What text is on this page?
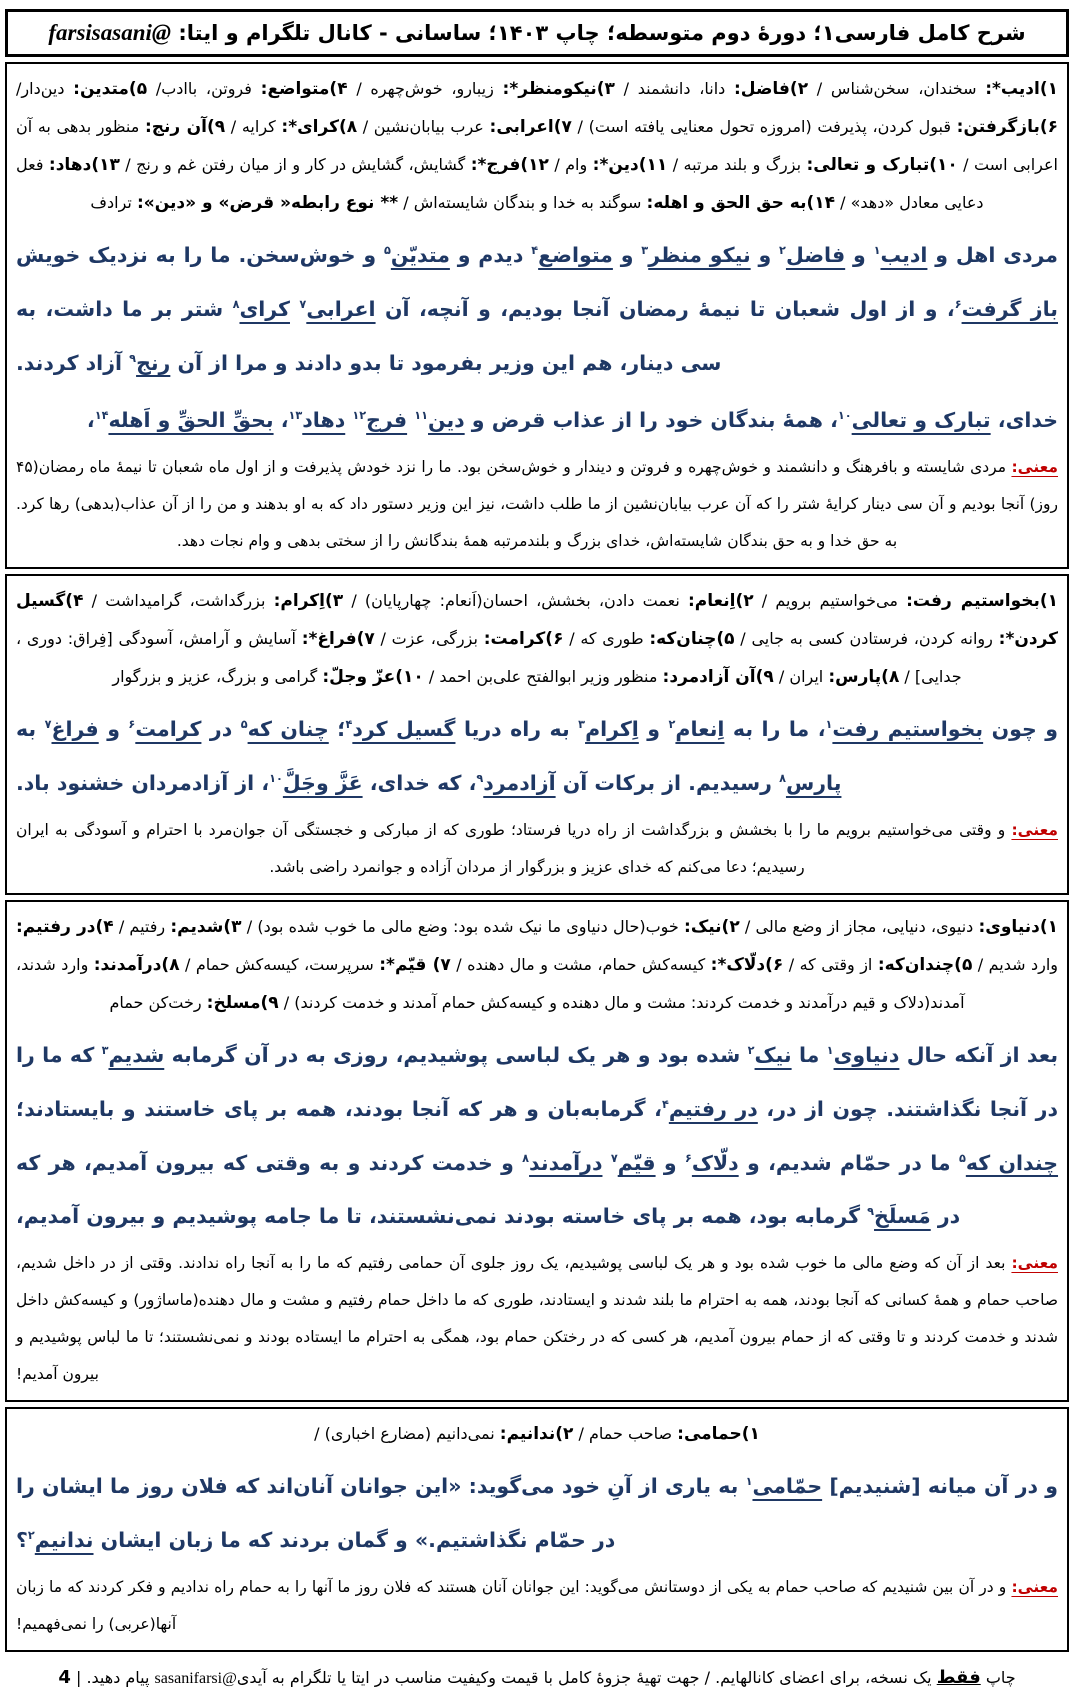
شرح کامل فارسی۱؛ دورهٔ دوم متوسطه؛ چاپ ۱۴۰۳؛ ساسانی - کانال تلگرام و ایتا: @farsisasani

۱)ادیب*: سخندان، سخن‌شناس / ۲)فاضل: دانا، دانشمند / ۳)نیکومنظر*: زیبارو، خوش‌چهره / ۴)متواضع: فروتن، باادب/ ۵)متدین: دین‌دار/ ۶)بازگرفتن: قبول کردن، پذیرفت (امروزه تحول معنایی یافته است) / ۷)اعرابی: عرب بیابان‌نشین / ۸)کرای*: کرایه / ۹)آن رنج: منظور بدهی به آن اعرابی است / ۱۰)تبارک و تعالی: بزرگ و بلند مرتبه / ۱۱)دین*: وام / ۱۲)فرج*: گشایش، گشایش در کار و از میان رفتن غم و رنج / ۱۳)دهاد: فعل دعایی معادل «دهد» / ۱۴)به حق الحق و اهله: سوگند به خدا و بندگان شایسته‌اش / ** نوع رابطه« قرض» و «دین»: ترادف

مردی اهل و ادیب$^۱$ و فاضل$^۲$ و نیکو منظر$^۳$ و متواضع$^۴$ دیدم و متدیّن$^۵$ و خوش‌سخن. ما را به نزدیک خویش باز گرفت$^۶$، و از اول شعبان تا نیمهٔ رمضان آنجا بودیم، و آنچه، آن اعرابی$^۷$ کرای$^۸$ شتر بر ما داشت، به سی دینار، هم این وزیر بفرمود تا بدو دادند و مرا از آن رنج$^۹$ آزاد کردند.

خدای، تبارک و تعالی$^{۱۰}$، همهٔ بندگان خود را از عذاب قرض و دین$^{۱۱}$ فرج$^{۱۲}$ دهاد$^{۱۳}$، بحقِّ الحقِّ و اَهله$^{۱۴}$،

معنی: مردی شایسته و بافرهنگ و دانشمند و خوش‌چهره و فروتن و دیندار و خوش‌سخن بود. ما را نزد خودش پذیرفت و از اول ماه شعبان تا نیمهٔ ماه رمضان(۴۵ روز) آنجا بودیم و آن سی دینار کرایهٔ شتر را که آن عرب بیابان‌نشین از ما طلب داشت، نیز این وزیر دستور داد که به او بدهند و من را از آن عذاب(بدهی) رها کرد. به حق خدا و به حق بندگان شایسته‌اش، خدای بزرگ و بلندمرتبه همهٔ بندگانش را از سختی بدهی و وام نجات دهد.

۱)بخواستیم رفت: می‌خواستیم برویم / ۲)اِنعام: نعمت دادن، بخشش، احسان(اَنعام: چهارپایان) / ۳)اِکرام: بزرگداشت، گرامیداشت / ۴)گسیل کردن*: روانه کردن، فرستادن کسی به جایی / ۵)چنان‌که: طوری که / ۶)کرامت: بزرگی، عزت / ۷)فراغ*: آسایش و آرامش، آسودگی [فِراق: دوری ، جدایی] / ۸)پارس: ایران / ۹)آن آزادمرد: منظور وزیر ابوالفتح علی‌بن احمد / ۱۰)عزّ وجلّ: گرامی و بزرگ، عزیز و بزرگوار

و چون بخواستیم رفت$^۱$، ما را به اِنعام$^۲$ و اِکرام$^۳$ به راه دریا گسیل کرد$^۴$؛ چنان که$^۵$ در کرامت$^۶$ و فراغ$^۷$ به پارس$^۸$ رسیدیم. از برکات آن آزادمرد$^۹$، که خدای، عَزَّ وجَلَّ$^{۱۰}$، از آزادمردان خشنود باد.

معنی: و وقتی می‌خواستیم برویم ما را با بخشش و بزرگداشت از راه دریا فرستاد؛ طوری که از مبارکی و خجستگی آن جوان‌مرد با احترام و آسودگی به ایران رسیدیم؛ دعا می‌کنم که خدای عزیز و بزرگوار از مردان آزاده و جوانمرد راضی باشد.

۱)دنیاوی: دنیوی، دنیایی، مجاز از وضع مالی / ۲)نیک: خوب(حال دنیاوی ما نیک شده بود: وضع مالی ما خوب شده بود) / ۳)شدیم: رفتیم / ۴)در رفتیم: وارد شدیم / ۵)چندان‌که: از وقتی که / ۶)دلّاک*: کیسه‌کش حمام، مشت و مال دهنده / ۷) قیّم*: سرپرست، کیسه‌کش حمام / ۸)درآمدند: وارد شدند، آمدند(دلاک و قیم درآمدند و خدمت کردند: مشت و مال دهنده و کیسه‌کش حمام آمدند و خدمت کردند) / ۹)مسلخ: رخت‌کن حمام

بعد از آنکه حال دنیاوی$^۱$ ما نیک$^۲$ شده بود و هر یک لباسی پوشیدیم، روزی به در آن گرمابه شدیم$^۳$ که ما را در آنجا نگذاشتند. چون از در، در رفتیم$^۴$، گرمابه‌بان و هر که آنجا بودند، همه بر پای خاستند و بایستادند؛ چندان که$^۵$ ما در حمّام شدیم، و دلّاک$^۶$ و قیّم$^۷$ درآمدند$^۸$ و خدمت کردند و به وقتی که بیرون آمدیم، هر که در مَسلَخ$^۹$ گرمابه بود، همه بر پای خاسته بودند نمی‌نشستند، تا ما جامه پوشیدیم و بیرون آمدیم،

معنی: بعد از آن که وضع مالی ما خوب شده بود و هر یک لباسی پوشیدیم، یک روز جلوی آن حمامی رفتیم که ما را به آنجا راه ندادند. وقتی از در داخل شدیم، صاحب حمام و همهٔ کسانی که آنجا بودند، همه به احترام ما بلند شدند و ایستادند، طوری که ما داخل حمام رفتیم و مشت و مال دهنده(ماساژور) و کیسه‌کش داخل شدند و خدمت کردند و تا وقتی که از حمام بیرون آمدیم، هر کسی که در رختکن حمام بود، همگی به احترام ما ایستاده بودند و نمی‌نشستند؛ تا ما لباس پوشیدیم و بیرون آمدیم!

۱)حمامی: صاحب حمام / ۲)ندانیم: نمی‌دانیم (مضارع اخباری) /

و در آن میانه [شنیدیم] حمّامی$^۱$ به یاری از آنِ خود می‌گوید: «این جوانان آنان‌اند که فلان روز ما ایشان را در حمّام نگذاشتیم.» و گمان بردند که ما زبان ایشان ندانیم$^۲$؟

معنی: و در آن بین شنیدیم که صاحب حمام به یکی از دوستانش می‌گوید: این جوانان آنان هستند که فلان روز ما آنها را به حمام راه ندادیم و فکر کردند که ما زبان آنها(عربی) را نمی‌فهمیم!

چاپ فقط یک نسخه، برای اعضای کانالهایم. / جهت تهیهٔ جزوهٔ کامل با قیمت وکیفیت مناسب در ایتا یا تلگرام به آیدی@sasanifarsi پیام دهید. | 4
